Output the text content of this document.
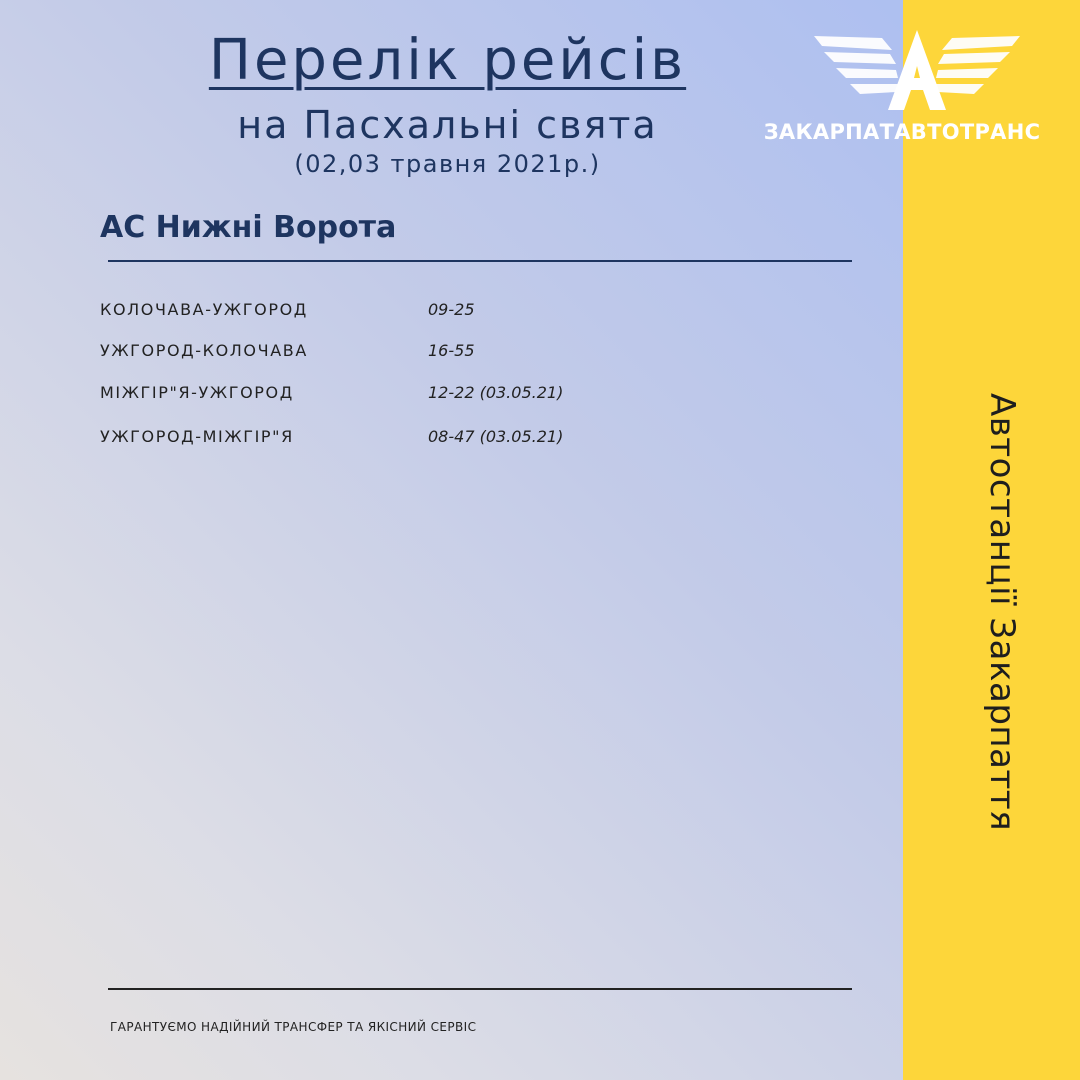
Автостанції Закарпаття
Перелік рейсів
на Пасхальні свята
(02,03 травня 2021р.)
ЗАКАРПАТАВТОТРАНС
АС Нижні Ворота
КОЛОЧАВА-УЖГОРОД	09-25
УЖГОРОД-КОЛОЧАВА	16-55
МІЖГІР"Я-УЖГОРОД	12-22 (03.05.21)
УЖГОРОД-МІЖГІР"Я	08-47 (03.05.21)
ГАРАНТУЄМО НАДІЙНИЙ ТРАНСФЕР ТА ЯКІСНИЙ СЕРВІС
